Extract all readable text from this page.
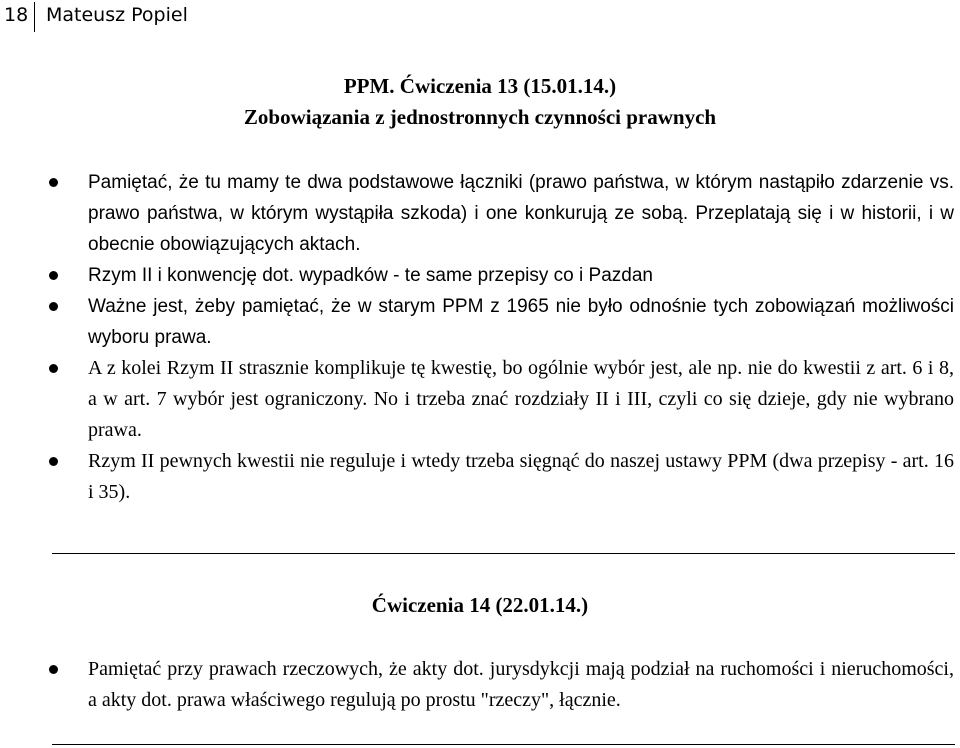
18 Mateusz Popiel
PPM. Ćwiczenia 13 (15.01.14.)
Zobowiązania z jednostronnych czynności prawnych
Pamiętać, że tu mamy te dwa podstawowe łączniki (prawo państwa, w którym nastąpiło zdarzenie vs. prawo państwa, w którym wystąpiła szkoda) i one konkurują ze sobą. Przeplatają się i w historii, i w obecnie obowiązujących aktach.
Rzym II i konwencję dot. wypadków - te same przepisy co i Pazdan
Ważne jest, żeby pamiętać, że w starym PPM z 1965 nie było odnośnie tych zobowiązań możliwości wyboru prawa.
A z kolei Rzym II strasznie komplikuje tę kwestię, bo ogólnie wybór jest, ale np. nie do kwestii z art. 6 i 8, a w art. 7 wybór jest ograniczony. No i trzeba znać rozdziały II i III, czyli co się dzieje, gdy nie wybrano prawa.
Rzym II pewnych kwestii nie reguluje i wtedy trzeba sięgnąć do naszej ustawy PPM (dwa przepisy - art. 16 i 35).
Ćwiczenia 14 (22.01.14.)
Pamiętać przy prawach rzeczowych, że akty dot. jurysdykcji mają podział na ruchomości i nieruchomości, a akty dot. prawa właściwego regulują po prostu "rzeczy", łącznie.
